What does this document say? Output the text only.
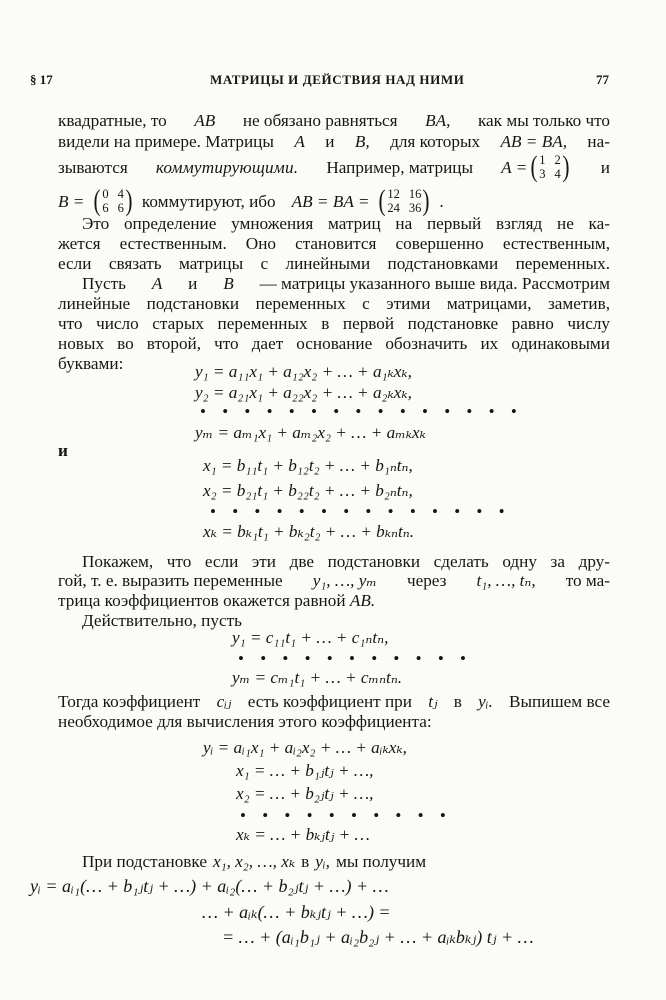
§ 17	МАТРИЦЫ И ДЕЙСТВИЯ НАД НИМИ	77
квадратные, то AB не обязано равняться BA, как мы только что
видели на примере. Матрицы A и B, для которых AB = BA, на-
зываются коммутирующими. Например, матрицы A = ( 1 2
3 4 ) и
B = ( 0 4
6 6 ) коммутируют, ибо AB = BA = ( 12 16
24 36 ) .
Это определение умножения матриц на первый взгляд не ка-
жется естественным. Оно становится совершенно естественным,
если связать матрицы с линейными подстановками переменных.
Пусть A и B — матрицы указанного выше вида. Рассмотрим
линейные подстановки переменных с этими матрицами, заметив,
что число старых переменных в первой подстановке равно числу
новых во второй, что дает основание обозначить их одинаковыми
буквами:	y₁ = a₁₁x₁ + a₁₂x₂ + … + a₁ₖxₖ,
y₂ = a₂₁x₁ + a₂₂x₂ + … + a₂ₖxₖ,
• • • • • • • • • • • • • • •
yₘ = aₘ₁x₁ + aₘ₂x₂ + … + aₘₖxₖ
и
x₁ = b₁₁t₁ + b₁₂t₂ + … + b₁ₙtₙ,
x₂ = b₂₁t₁ + b₂₂t₂ + … + b₂ₙtₙ,
• • • • • • • • • • • • • •
xₖ = bₖ₁t₁ + bₖ₂t₂ + … + bₖₙtₙ.
Покажем, что если эти две подстановки сделать одну за дру-
гой, т. е. выразить переменные y₁, …, yₘ через t₁, …, tₙ, то ма-
трица коэффициентов окажется равной AB.
Действительно, пусть
y₁ = c₁₁t₁ + … + c₁ₙtₙ,
• • • • • • • • • • •
yₘ = cₘ₁t₁ + … + cₘₙtₙ.
Тогда коэффициент cᵢⱼ есть коэффициент при tⱼ в yᵢ. Выпишем все
необходимое для вычисления этого коэффициента:
yᵢ = aᵢ₁x₁ + aᵢ₂x₂ + … + aᵢₖxₖ,
x₁ = … + b₁ⱼtⱼ + …,
x₂ = … + b₂ⱼtⱼ + …,
• • • • • • • • • •
xₖ = … + bₖⱼtⱼ + …
При подстановке x₁, x₂, …, xₖ в yᵢ, мы получим
yᵢ = aᵢ₁(… + b₁ⱼtⱼ + …) + aᵢ₂(… + b₂ⱼtⱼ + …) + …
… + aᵢₖ(… + bₖⱼtⱼ + …) =
= … + (aᵢ₁b₁ⱼ + aᵢ₂b₂ⱼ + … + aᵢₖbₖⱼ) tⱼ + …
